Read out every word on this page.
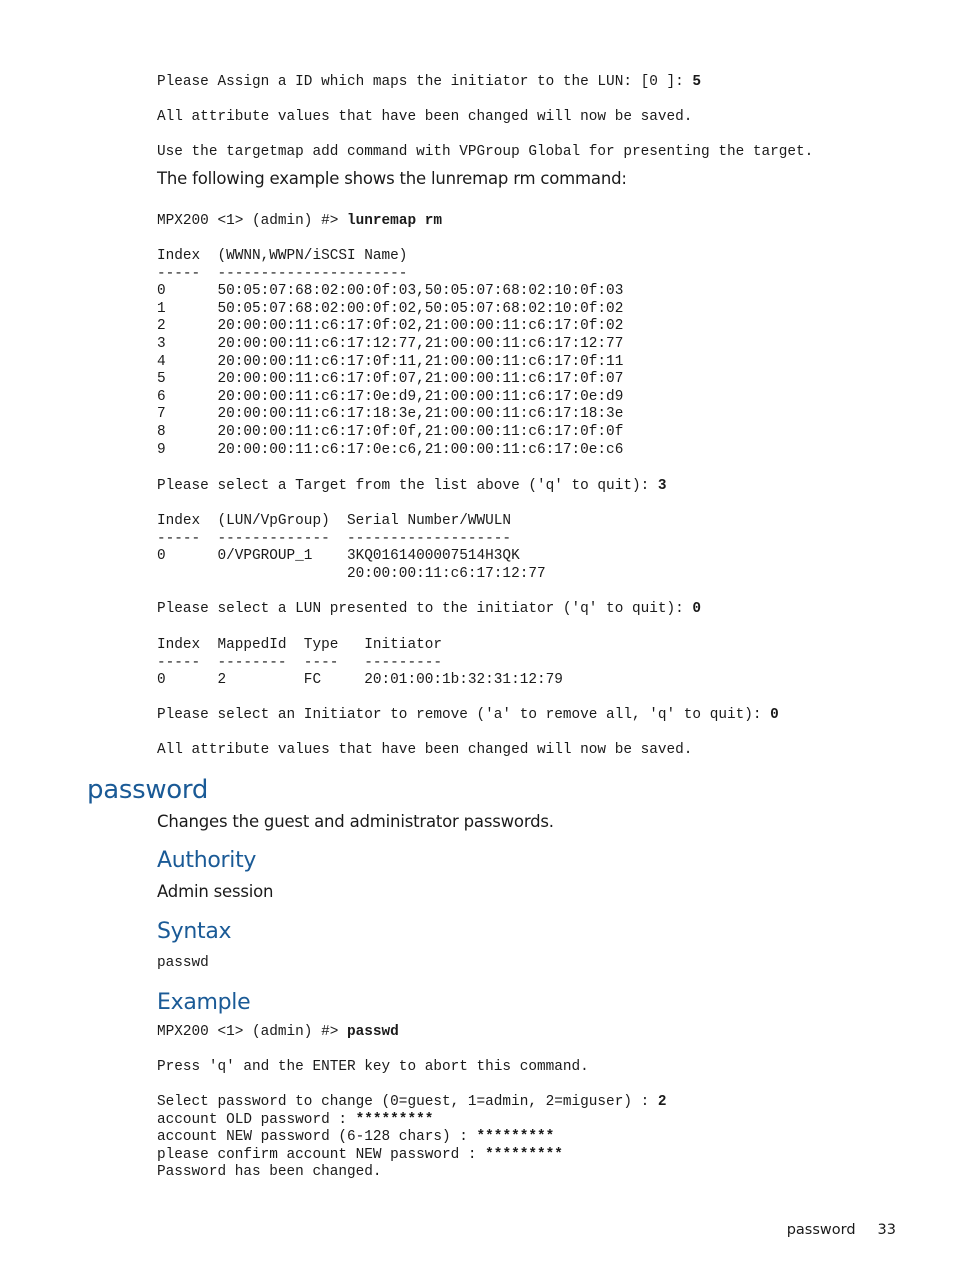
Please Assign a ID which maps the initiator to the LUN: [0 ]: 5
All attribute values that have been changed will now be saved.
Use the targetmap add command with VPGroup Global for presenting the target.

The following example shows the lunremap rm command:

MPX200 <1> (admin) #> lunremap rm
Index  (WWNN,WWPN/iSCSI Name)
-----  ----------------------
0      50:05:07:68:02:00:0f:03,50:05:07:68:02:10:0f:03
1      50:05:07:68:02:00:0f:02,50:05:07:68:02:10:0f:02
2      20:00:00:11:c6:17:0f:02,21:00:00:11:c6:17:0f:02
3      20:00:00:11:c6:17:12:77,21:00:00:11:c6:17:12:77
4      20:00:00:11:c6:17:0f:11,21:00:00:11:c6:17:0f:11
5      20:00:00:11:c6:17:0f:07,21:00:00:11:c6:17:0f:07
6      20:00:00:11:c6:17:0e:d9,21:00:00:11:c6:17:0e:d9
7      20:00:00:11:c6:17:18:3e,21:00:00:11:c6:17:18:3e
8      20:00:00:11:c6:17:0f:0f,21:00:00:11:c6:17:0f:0f
9      20:00:00:11:c6:17:0e:c6,21:00:00:11:c6:17:0e:c6
Please select a Target from the list above ('q' to quit): 3
Index  (LUN/VpGroup)  Serial Number/WWULN
-----  -------------  -------------------
0      0/VPGROUP_1    3KQ0161400007514H3QK
20:00:00:11:c6:17:12:77
Please select a LUN presented to the initiator ('q' to quit): 0
Index  MappedId  Type   Initiator
-----  --------  ----   ---------
0      2         FC     20:01:00:1b:32:31:12:79
Please select an Initiator to remove ('a' to remove all, 'q' to quit): 0
All attribute values that have been changed will now be saved.
password

Changes the guest and administrator passwords.

Authority

Admin session

Syntax
passwd
Example
MPX200 <1> (admin) #> passwd
Press 'q' and the ENTER key to abort this command.
Select password to change (0=guest, 1=admin, 2=miguser) : 2
account OLD password : *********
account NEW password (6-128 chars) : *********
please confirm account NEW password : *********
Password has been changed.
password 33
